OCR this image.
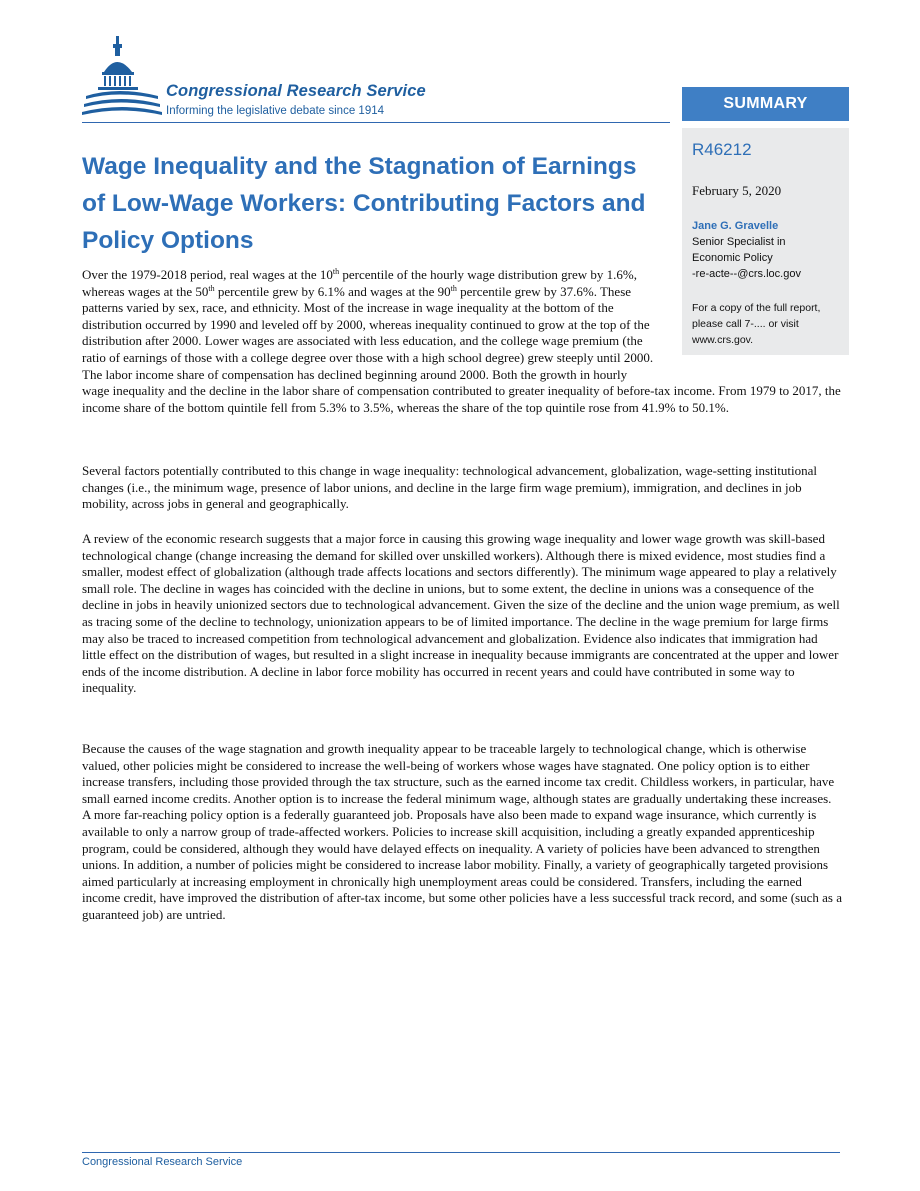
Congressional Research Service
Informing the legislative debate since 1914	SUMMARY
R46212
February 5, 2020
Jane G. Gravelle
Senior Specialist in
Economic Policy
-re-acte--@crs.loc.gov
For a copy of the full report, please call 7-.... or visit www.crs.gov.
Wage Inequality and the Stagnation of Earnings of Low-Wage Workers: Contributing Factors and Policy Options

Over the 1979-2018 period, real wages at the 10th percentile of the hourly wage distribution grew by 1.6%, whereas wages at the 50th percentile grew by 6.1% and wages at the 90th percentile grew by 37.6%. These patterns varied by sex, race, and ethnicity. Most of the increase in wage inequality at the bottom of the distribution occurred by 1990 and leveled off by 2000, whereas inequality continued to grow at the top of the distribution after 2000. Lower wages are associated with less education, and the college wage premium (the ratio of earnings of those with a college degree over those with a high school degree) grew steeply until 2000. The labor income share of compensation has declined beginning around 2000. Both the growth in hourly wage inequality and the decline in the labor share of compensation contributed to greater inequality of before-tax income. From 1979 to 2017, the income share of the bottom quintile fell from 5.3% to 3.5%, whereas the share of the top quintile rose from 41.9% to 50.1%.

Several factors potentially contributed to this change in wage inequality: technological advancement, globalization, wage-setting institutional changes (i.e., the minimum wage, presence of labor unions, and decline in the large firm wage premium), immigration, and declines in job mobility, across jobs in general and geographically.

A review of the economic research suggests that a major force in causing this growing wage inequality and lower wage growth was skill-based technological change (change increasing the demand for skilled over unskilled workers). Although there is mixed evidence, most studies find a smaller, modest effect of globalization (although trade affects locations and sectors differently). The minimum wage appeared to play a relatively small role. The decline in wages has coincided with the decline in unions, but to some extent, the decline in unions was a consequence of the decline in jobs in heavily unionized sectors due to technological advancement. Given the size of the decline and the union wage premium, as well as tracing some of the decline to technology, unionization appears to be of limited importance. The decline in the wage premium for large firms may also be traced to increased competition from technological advancement and globalization. Evidence also indicates that immigration had little effect on the distribution of wages, but resulted in a slight increase in inequality because immigrants are concentrated at the upper and lower ends of the income distribution. A decline in labor force mobility has occurred in recent years and could have contributed in some way to inequality.

Because the causes of the wage stagnation and growth inequality appear to be traceable largely to technological change, which is otherwise valued, other policies might be considered to increase the well-being of workers whose wages have stagnated. One policy option is to either increase transfers, including those provided through the tax structure, such as the earned income tax credit. Childless workers, in particular, have small earned income credits. Another option is to increase the federal minimum wage, although states are gradually undertaking these increases. A more far-reaching policy option is a federally guaranteed job. Proposals have also been made to expand wage insurance, which currently is available to only a narrow group of trade-affected workers. Policies to increase skill acquisition, including a greatly expanded apprenticeship program, could be considered, although they would have delayed effects on inequality. A variety of policies have been advanced to strengthen unions. In addition, a number of policies might be considered to increase labor mobility. Finally, a variety of geographically targeted provisions aimed particularly at increasing employment in chronically high unemployment areas could be considered. Transfers, including the earned income credit, have improved the distribution of after-tax income, but some other policies have a less successful track record, and some (such as a guaranteed job) are untried.

Congressional Research Service
